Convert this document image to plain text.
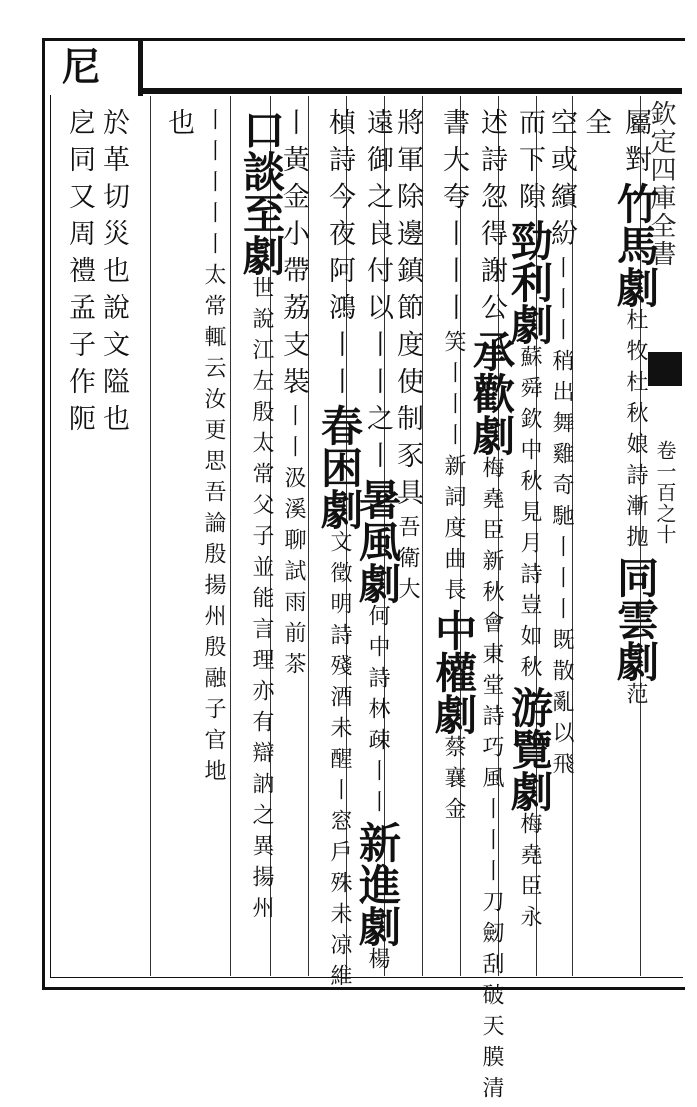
尼
欽定四庫全書
卷一百之十
全 屬對竹馬劇杜牧杜秋娘詩漸抛同雲劇范
空或繽紛丨丨丨稍出舞雞奇馳丨丨丨既散亂以飛
而下隙勁利劇蘇舜欽中秋見月詩豈如秋游覽劇梅堯臣永
述詩忽得謝公承歡劇梅堯臣新秋會東堂詩巧風丨丨丨刀劒刮破天膜清
書大夸丨丨丨笑丨丨丨新詞度曲長中權劇蔡襄金
將軍除邊鎮節度使制豕具吾衛大
遠御之良付以丨丨之丨暑風劇何中詩林疎丨丨新進劇楊
楨詩今夜阿鴻丨丨春困劇文徵明詩殘酒未醒丨窓戶殊未凉維
丨黃金小帶荔支裝丨丨汲溪聊試雨前茶
口談至劇世說江左殷太常父子並能言理亦有辯訥之異揚州
丨丨丨丨丨太常輒云汝更思吾論殷揚州殷融子官地
也
於革切災也說文隘也
戹同又周禮孟子作阨
